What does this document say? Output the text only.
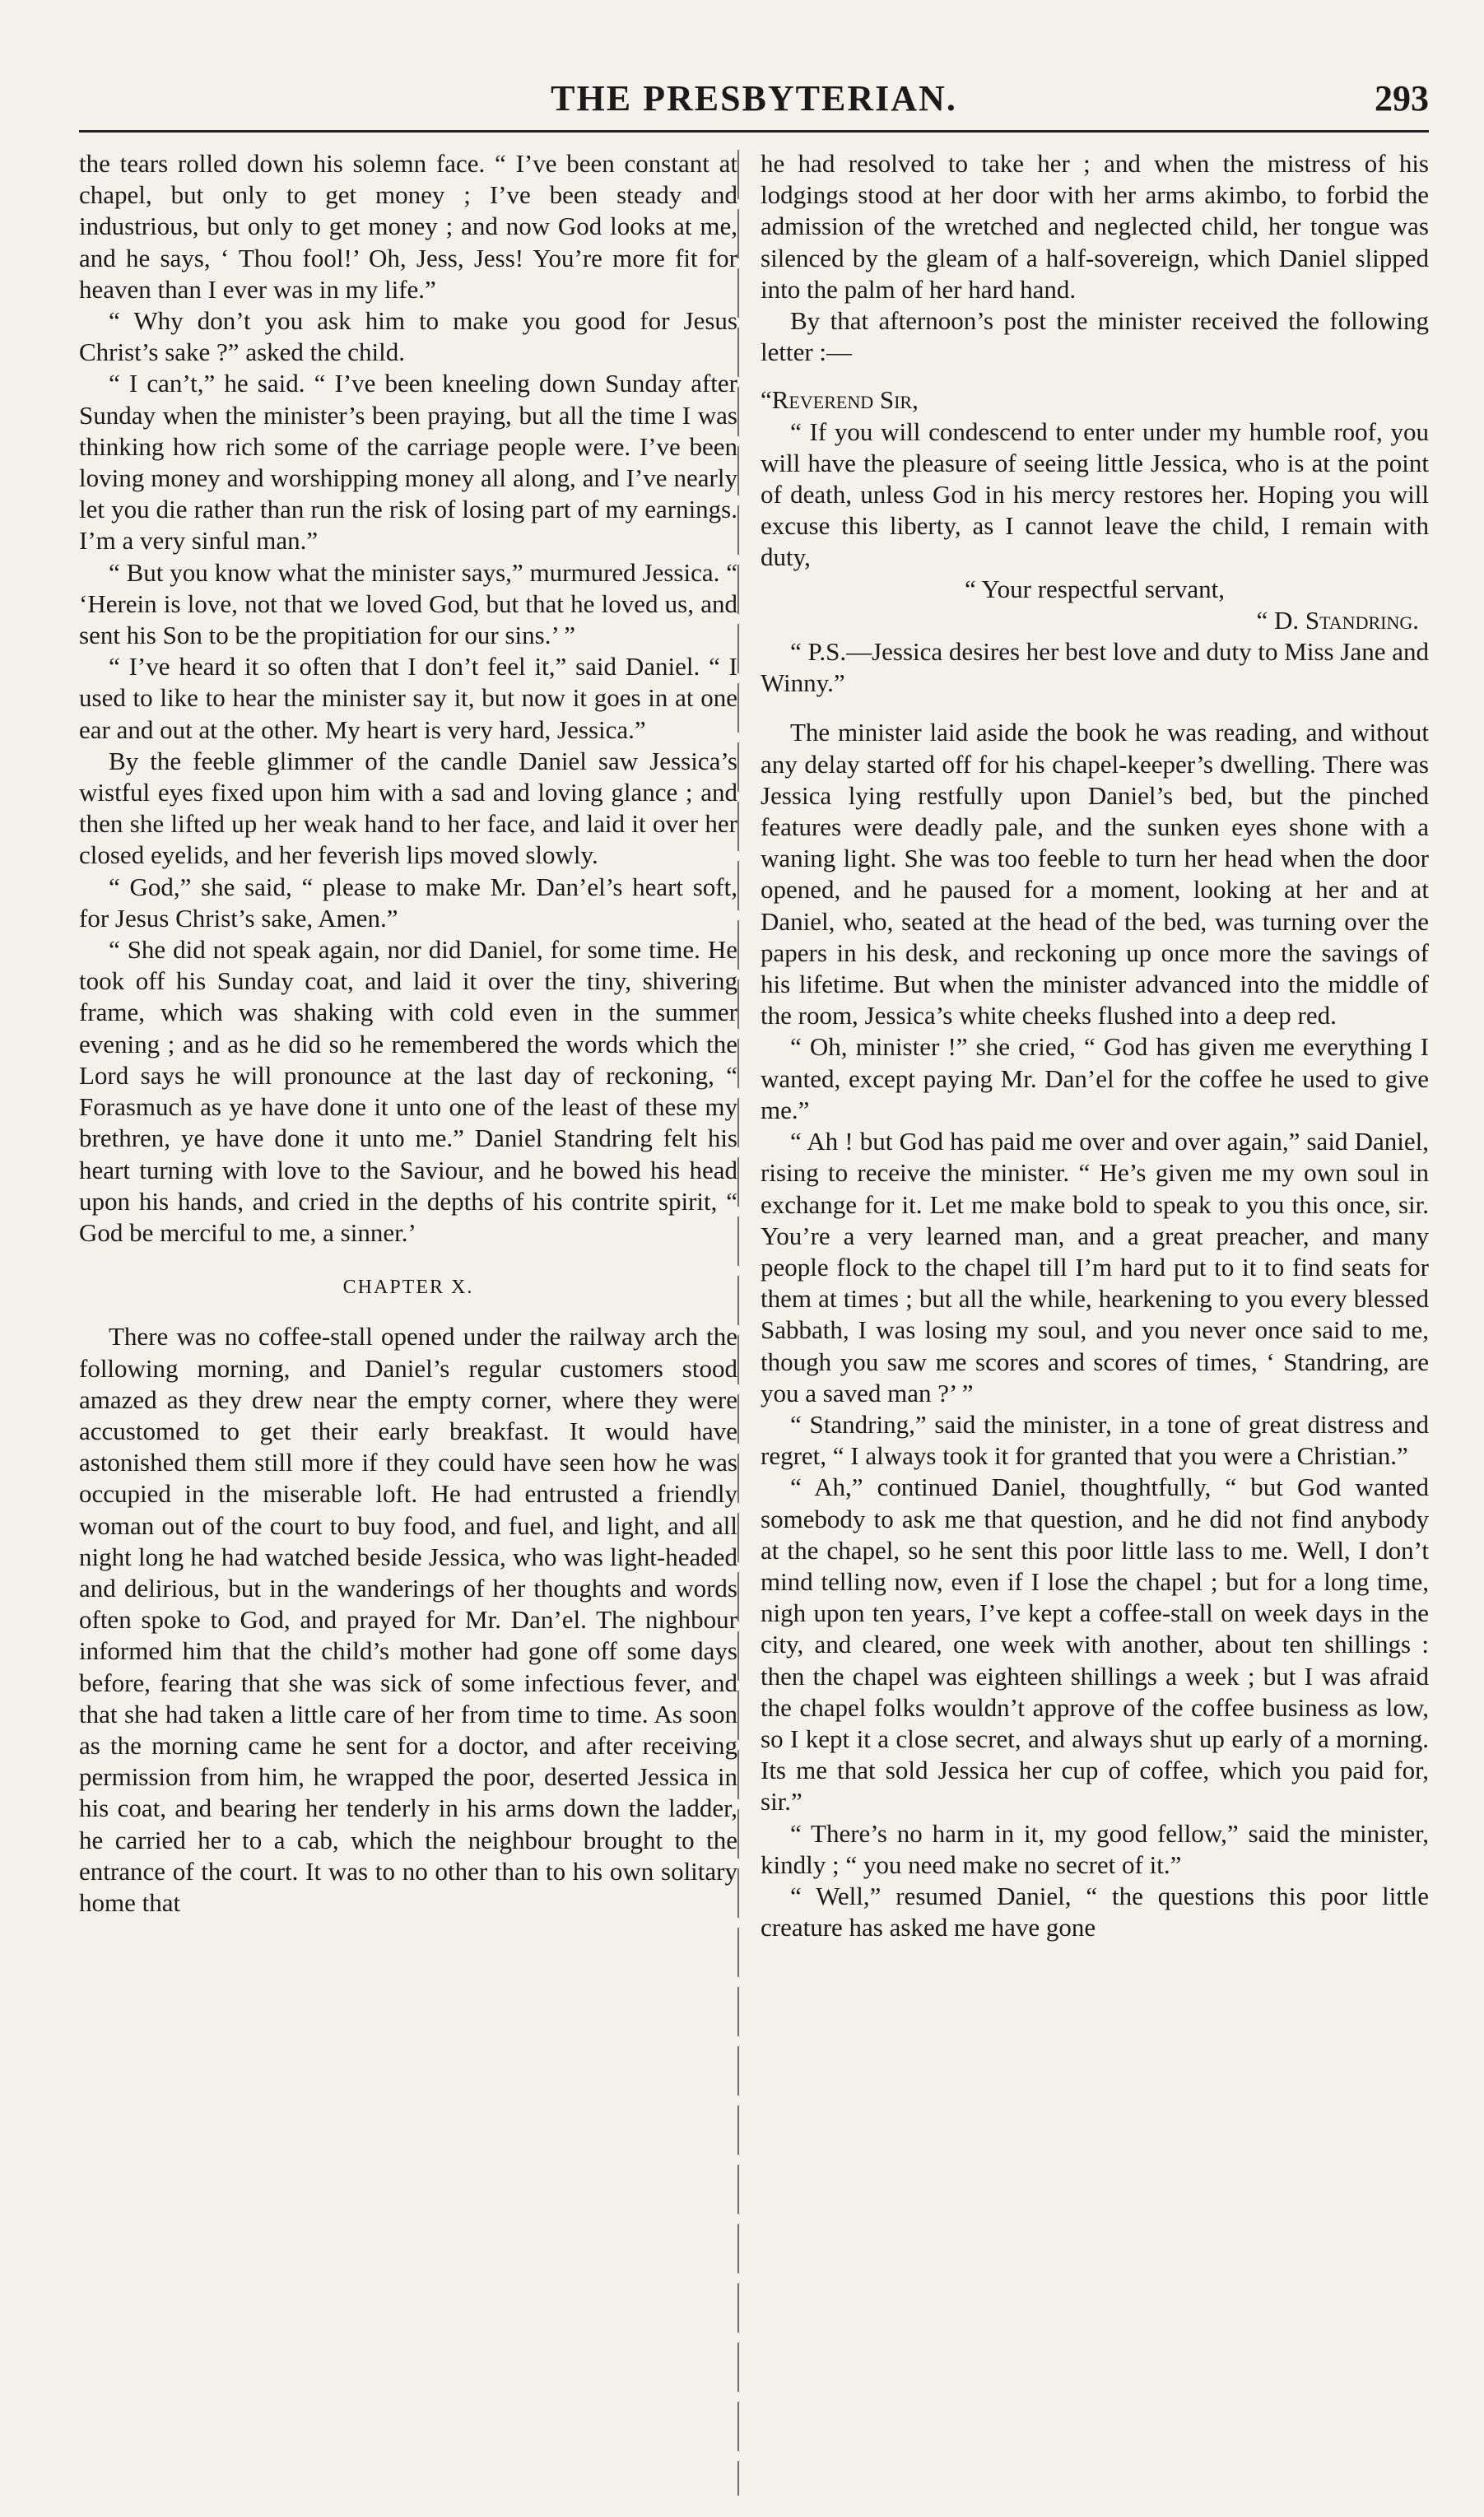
THE PRESBYTERIAN.	293

the tears rolled down his solemn face. “ I’ve been constant at chapel, but only to get money ; I’ve been steady and industrious, but only to get money ; and now God looks at me, and he says, ‘ Thou fool!’ Oh, Jess, Jess! You’re more fit for heaven than I ever was in my life.”

“ Why don’t you ask him to make you good for Jesus Christ’s sake ?” asked the child.

“ I can’t,” he said. “ I’ve been kneeling down Sunday after Sunday when the minister’s been praying, but all the time I was thinking how rich some of the carriage people were. I’ve been loving money and worshipping money all along, and I’ve nearly let you die rather than run the risk of losing part of my earnings. I’m a very sinful man.”

“ But you know what the minister says,” murmured Jessica. “ ‘Herein is love, not that we loved God, but that he loved us, and sent his Son to be the propitiation for our sins.’ ”

“ I’ve heard it so often that I don’t feel it,” said Daniel. “ I used to like to hear the minister say it, but now it goes in at one ear and out at the other. My heart is very hard, Jessica.”

By the feeble glimmer of the candle Daniel saw Jessica’s wistful eyes fixed upon him with a sad and loving glance ; and then she lifted up her weak hand to her face, and laid it over her closed eyelids, and her feverish lips moved slowly.

“ God,” she said, “ please to make Mr. Dan’el’s heart soft, for Jesus Christ’s sake, Amen.”

“ She did not speak again, nor did Daniel, for some time. He took off his Sunday coat, and laid it over the tiny, shivering frame, which was shaking with cold even in the summer evening ; and as he did so he remembered the words which the Lord says he will pronounce at the last day of reckoning, “ Forasmuch as ye have done it unto one of the least of these my brethren, ye have done it unto me.” Daniel Standring felt his heart turning with love to the Saviour, and he bowed his head upon his hands, and cried in the depths of his contrite spirit, “ God be merciful to me, a sinner.’

CHAPTER X.

There was no coffee-stall opened under the railway arch the following morning, and Daniel’s regular customers stood amazed as they drew near the empty corner, where they were accustomed to get their early breakfast. It would have astonished them still more if they could have seen how he was occupied in the miserable loft. He had entrusted a friendly woman out of the court to buy food, and fuel, and light, and all night long he had watched beside Jessica, who was light-headed and delirious, but in the wanderings of her thoughts and words often spoke to God, and prayed for Mr. Dan’el. The nighbour informed him that the child’s mother had gone off some days before, fearing that she was sick of some infectious fever, and that she had taken a little care of her from time to time. As soon as the morning came he sent for a doctor, and after receiving permission from him, he wrapped the poor, deserted Jessica in his coat, and bearing her tenderly in his arms down the ladder, he carried her to a cab, which the neighbour brought to the entrance of the court. It was to no other than to his own solitary home that

he had resolved to take her ; and when the mistress of his lodgings stood at her door with her arms akimbo, to forbid the admission of the wretched and neglected child, her tongue was silenced by the gleam of a half-sovereign, which Daniel slipped into the palm of her hard hand.

By that afternoon’s post the minister received the following letter :—

“Reverend Sir,

“ If you will condescend to enter under my humble roof, you will have the pleasure of seeing little Jessica, who is at the point of death, unless God in his mercy restores her. Hoping you will excuse this liberty, as I cannot leave the child, I remain with duty,

“ Your respectful servant,

“ D. Standring.

“ P.S.—Jessica desires her best love and duty to Miss Jane and Winny.”

The minister laid aside the book he was reading, and without any delay started off for his chapel-keeper’s dwelling. There was Jessica lying restfully upon Daniel’s bed, but the pinched features were deadly pale, and the sunken eyes shone with a waning light. She was too feeble to turn her head when the door opened, and he paused for a moment, looking at her and at Daniel, who, seated at the head of the bed, was turning over the papers in his desk, and reckoning up once more the savings of his lifetime. But when the minister advanced into the middle of the room, Jessica’s white cheeks flushed into a deep red.

“ Oh, minister !” she cried, “ God has given me everything I wanted, except paying Mr. Dan’el for the coffee he used to give me.”

“ Ah ! but God has paid me over and over again,” said Daniel, rising to receive the minister. “ He’s given me my own soul in exchange for it. Let me make bold to speak to you this once, sir. You’re a very learned man, and a great preacher, and many people flock to the chapel till I’m hard put to it to find seats for them at times ; but all the while, hearkening to you every blessed Sabbath, I was losing my soul, and you never once said to me, though you saw me scores and scores of times, ‘ Standring, are you a saved man ?’ ”

“ Standring,” said the minister, in a tone of great distress and regret, “ I always took it for granted that you were a Christian.”

“ Ah,” continued Daniel, thoughtfully, “ but God wanted somebody to ask me that question, and he did not find anybody at the chapel, so he sent this poor little lass to me. Well, I don’t mind telling now, even if I lose the chapel ; but for a long time, nigh upon ten years, I’ve kept a coffee-stall on week days in the city, and cleared, one week with another, about ten shillings : then the chapel was eighteen shillings a week ; but I was afraid the chapel folks wouldn’t approve of the coffee business as low, so I kept it a close secret, and always shut up early of a morning. Its me that sold Jessica her cup of coffee, which you paid for, sir.”

“ There’s no harm in it, my good fellow,” said the minister, kindly ; “ you need make no secret of it.”

“ Well,” resumed Daniel, “ the questions this poor little creature has asked me have gone
